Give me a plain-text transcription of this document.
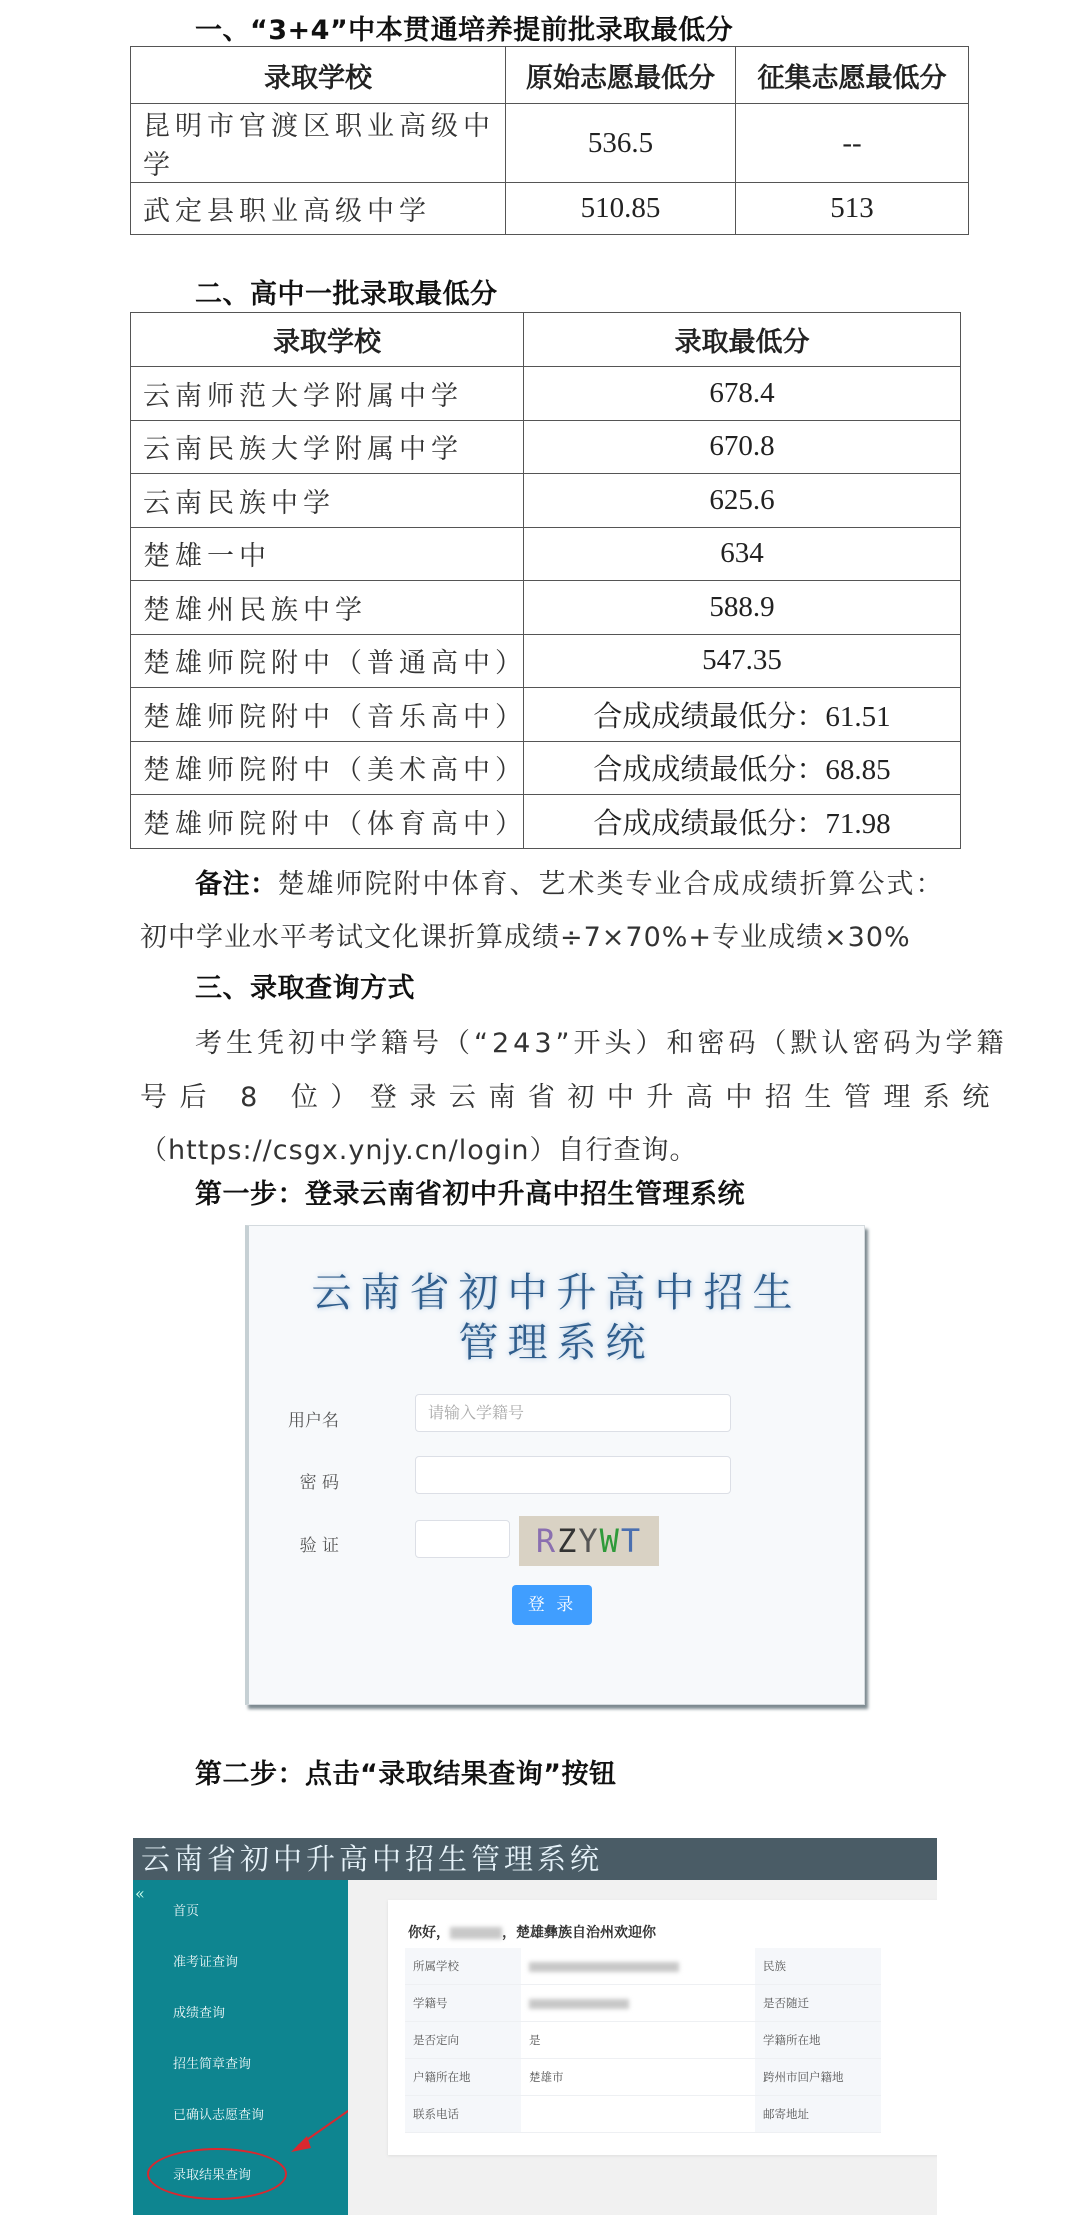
一、“3+4”中本贯通培养提前批录取最低分
录取学校	原始志愿最低分	征集志愿最低分
昆明市官渡区职业高级中学	536.5	--
武定县职业高级中学	510.85	513
二、高中一批录取最低分
录取学校	录取最低分
云南师范大学附属中学	678.4
云南民族大学附属中学	670.8
云南民族中学	625.6
楚雄一中	634
楚雄州民族中学	588.9
楚雄师院附中（普通高中）	547.35
楚雄师院附中（音乐高中）	合成成绩最低分：61.51
楚雄师院附中（美术高中）	合成成绩最低分：68.85
楚雄师院附中（体育高中）	合成成绩最低分：71.98
备注：楚雄师院附中体育、艺术类专业合成成绩折算公式：
初中学业水平考试文化课折算成绩÷7×70%+专业成绩×30%
三、录取查询方式
考生凭初中学籍号（“243”开头）和密码（默认密码为学籍
号后 8 位）登录云南省初中升高中招生管理系统
（https://csgx.ynjy.cn/login）自行查询。
第一步：登录云南省初中升高中招生管理系统
云南省初中升高中招生
管理系统
用户名	请输入学籍号
密 码
验 证	RZYWT
登 录
第二步：点击“录取结果查询”按钮
云南省初中升高中招生管理系统
«
首页
准考证查询
成绩查询
招生简章查询
已确认志愿查询
录取结果查询
你好，	，楚雄彝族自治州欢迎你
所属学校		民族
学籍号		是否随迁
是否定向	是	学籍所在地
户籍所在地	楚雄市	跨州市回户籍地
联系电话		邮寄地址
